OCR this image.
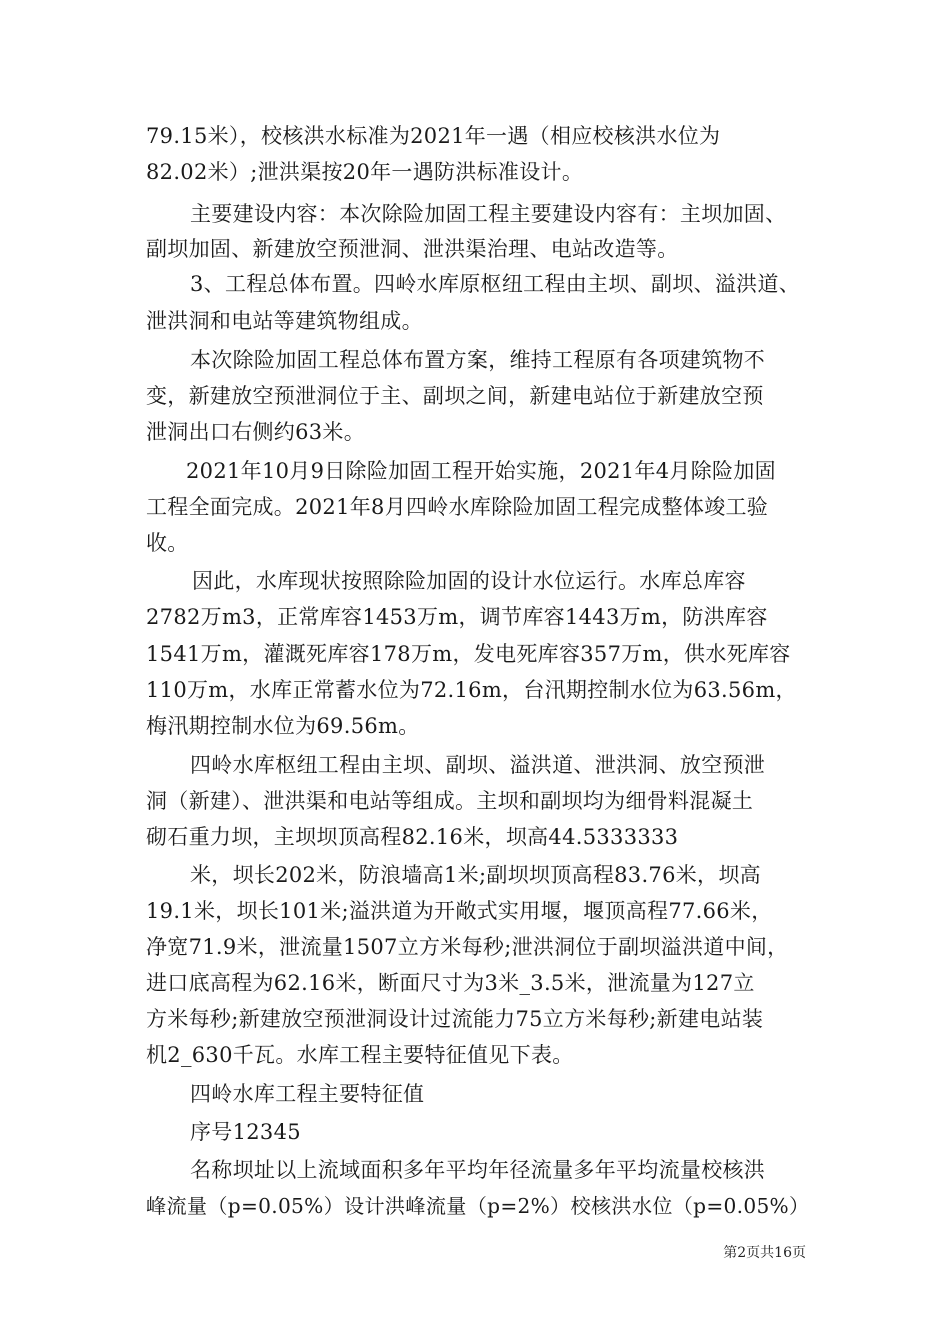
79.15米），校核洪水标准为2021年一遇（相应校核洪水位为
82.02米）;泄洪渠按20年一遇防洪标准设计。
主要建设内容：本次除险加固工程主要建设内容有：主坝加固、
副坝加固、新建放空预泄洞、泄洪渠治理、电站改造等。
3、工程总体布置。四岭水库原枢纽工程由主坝、副坝、溢洪道、
泄洪洞和电站等建筑物组成。
本次除险加固工程总体布置方案，维持工程原有各项建筑物不
变，新建放空预泄洞位于主、副坝之间，新建电站位于新建放空预
泄洞出口右侧约63米。
2021年10月9日除险加固工程开始实施，2021年4月除险加固
工程全面完成。2021年8月四岭水库除险加固工程完成整体竣工验
收。
因此，水库现状按照除险加固的设计水位运行。水库总库容
2782万m3，正常库容1453万m，调节库容1443万m，防洪库容
1541万m，灌溉死库容178万m，发电死库容357万m，供水死库容
110万m，水库正常蓄水位为72.16m，台汛期控制水位为63.56m，
梅汛期控制水位为69.56m。
四岭水库枢纽工程由主坝、副坝、溢洪道、泄洪洞、放空预泄
洞（新建）、泄洪渠和电站等组成。主坝和副坝均为细骨料混凝土
砌石重力坝，主坝坝顶高程82.16米，坝高44.5333333
米，坝长202米，防浪墙高1米;副坝坝顶高程83.76米，坝高
19.1米，坝长101米;溢洪道为开敞式实用堰，堰顶高程77.66米，
净宽71.9米，泄流量1507立方米每秒;泄洪洞位于副坝溢洪道中间，
进口底高程为62.16米，断面尺寸为3米_3.5米，泄流量为127立
方米每秒;新建放空预泄洞设计过流能力75立方米每秒;新建电站装
机2_630千瓦。水库工程主要特征值见下表。
四岭水库工程主要特征值
序号12345
名称坝址以上流域面积多年平均年径流量多年平均流量校核洪
峰流量（p=0.05%）设计洪峰流量（p=2%）校核洪水位（p=0.05%）
第2页共16页
